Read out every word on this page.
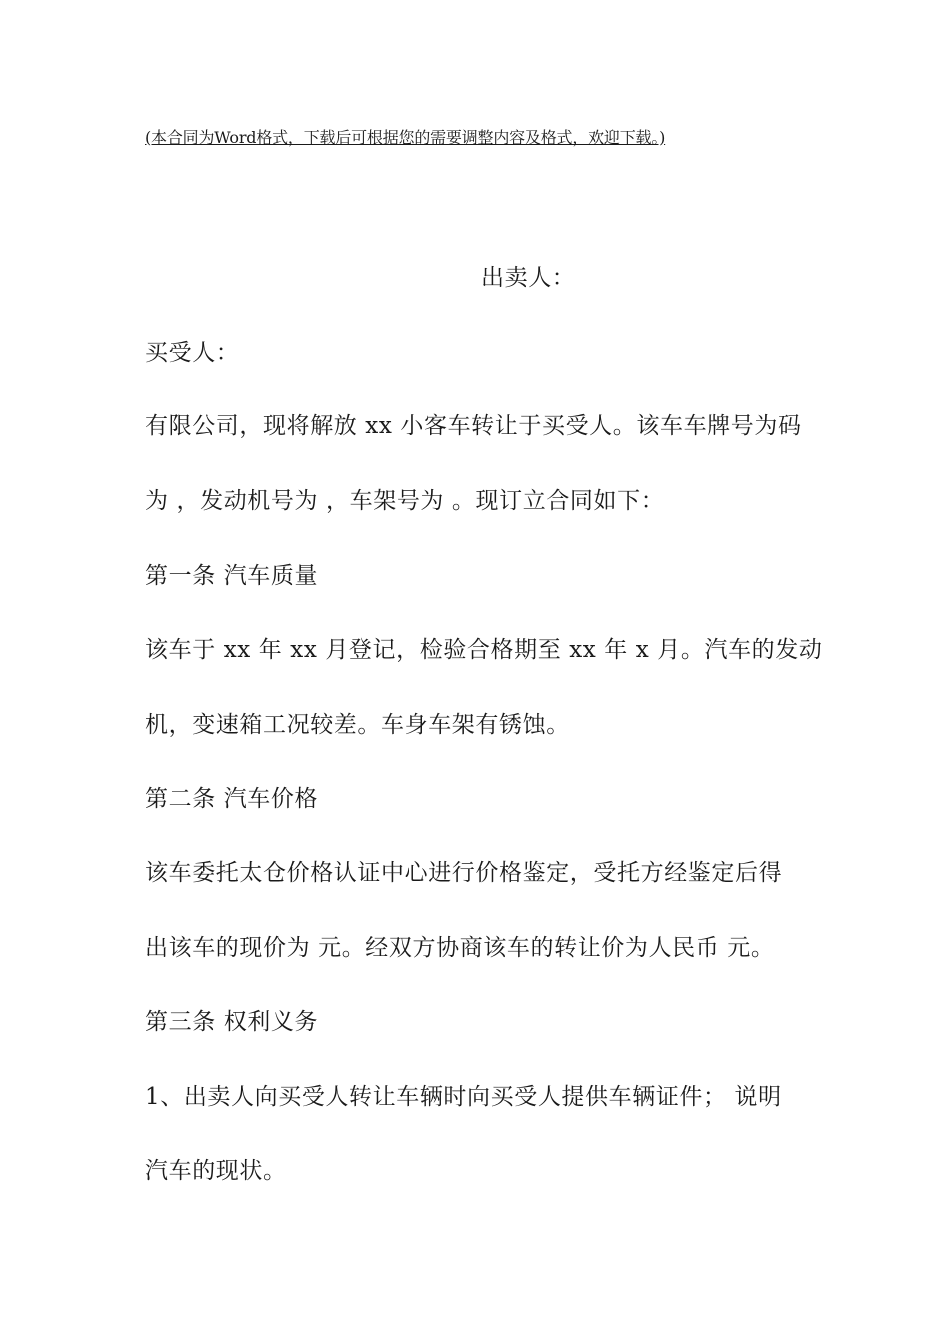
(本合同为Word格式，下载后可根据您的需要调整内容及格式，欢迎下载。)
出卖人：
买受人：
有限公司，现将解放 xx 小客车转让于买受人。该车车牌号为码
为 ，发动机号为 ，车架号为 。现订立合同如下：
第一条 汽车质量
该车于 xx 年 xx 月登记，检验合格期至 xx 年 x 月。汽车的发动
机，变速箱工况较差。车身车架有锈蚀。
第二条 汽车价格
该车委托太仓价格认证中心进行价格鉴定，受托方经鉴定后得
出该车的现价为 元。经双方协商该车的转让价为人民币 元。
第三条 权利义务
1、出卖人向买受人转让车辆时向买受人提供车辆证件； 说明
汽车的现状。
